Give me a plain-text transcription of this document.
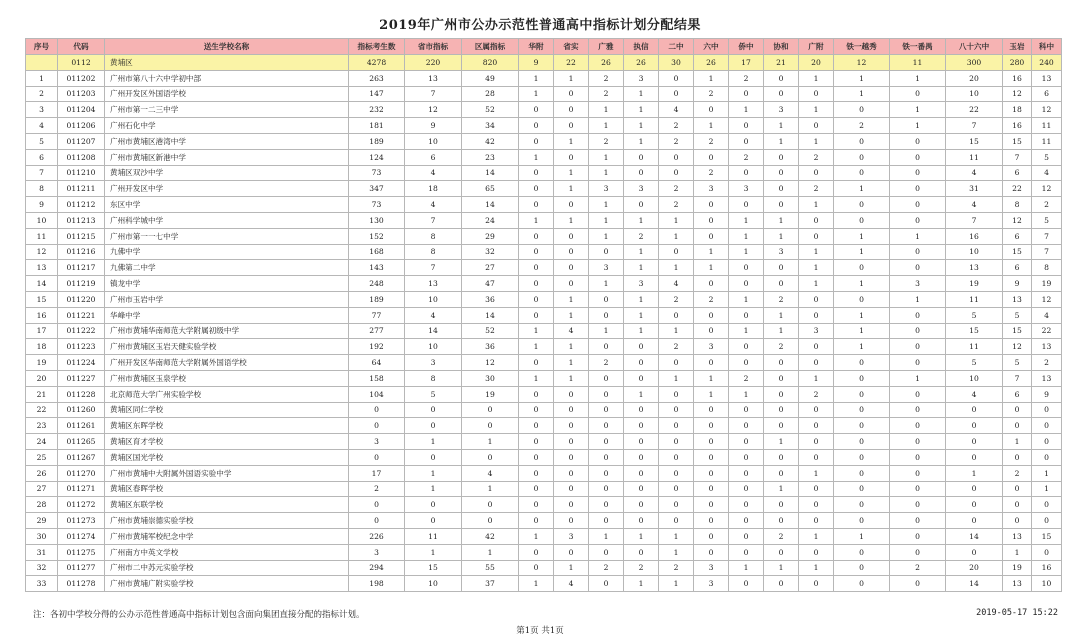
2019年广州市公办示范性普通高中指标计划分配结果
序号	代码	送生学校名称	指标考生数	省市指标	区属指标	华附	省实	广雅	执信	二中	六中	侨中	协和	广附	铁一越秀	铁一番禺	八十六中	玉岩	科中
	0112	黄埔区	4278	220	820	9	22	26	26	30	26	17	21	20	12	11	300	280	240
1	011202	广州市第八十六中学初中部	263	13	49	1	1	2	3	0	1	2	0	1	1	1	20	16	13
2	011203	广州开发区外国语学校	147	7	28	1	0	2	1	0	2	0	0	0	1	0	10	12	6
3	011204	广州市第一二三中学	232	12	52	0	0	1	1	4	0	1	3	1	0	1	22	18	12
4	011206	广州石化中学	181	9	34	0	0	1	1	2	1	0	1	0	2	1	7	16	11
5	011207	广州市黄埔区港湾中学	189	10	42	0	1	2	1	2	2	0	1	1	0	0	15	15	11
6	011208	广州市黄埔区新港中学	124	6	23	1	0	1	0	0	0	2	0	2	0	0	11	7	5
7	011210	黄埔区双沙中学	73	4	14	0	1	1	0	0	2	0	0	0	0	0	4	6	4
8	011211	广州开发区中学	347	18	65	0	1	3	3	2	3	3	0	2	1	0	31	22	12
9	011212	东区中学	73	4	14	0	0	1	0	2	0	0	0	1	0	0	4	8	2
10	011213	广州科学城中学	130	7	24	1	1	1	1	1	0	1	1	0	0	0	7	12	5
11	011215	广州市第一一七中学	152	8	29	0	0	1	2	1	0	1	1	0	1	1	16	6	7
12	011216	九佛中学	168	8	32	0	0	0	1	0	1	1	3	1	1	0	10	15	7
13	011217	九佛第二中学	143	7	27	0	0	3	1	1	1	0	0	1	0	0	13	6	8
14	011219	镇龙中学	248	13	47	0	0	1	3	4	0	0	0	1	1	3	19	9	19
15	011220	广州市玉岩中学	189	10	36	0	1	0	1	2	2	1	2	0	0	1	11	13	12
16	011221	华峰中学	77	4	14	0	1	0	1	0	0	0	1	0	1	0	5	5	4
17	011222	广州市黄埔华南师范大学附属初级中学	277	14	52	1	4	1	1	1	0	1	1	3	1	0	15	15	22
18	011223	广州市黄埔区玉岩天健实验学校	192	10	36	1	1	0	0	2	3	0	2	0	1	0	11	12	13
19	011224	广州开发区华南师范大学附属外国语学校	64	3	12	0	1	2	0	0	0	0	0	0	0	0	5	5	2
20	011227	广州市黄埔区玉泉学校	158	8	30	1	1	0	0	1	1	2	0	1	0	1	10	7	13
21	011228	北京师范大学广州实验学校	104	5	19	0	0	0	1	0	1	1	0	2	0	0	4	6	9
22	011260	黄埔区同仁学校	0	0	0	0	0	0	0	0	0	0	0	0	0	0	0	0	0
23	011261	黄埔区东晖学校	0	0	0	0	0	0	0	0	0	0	0	0	0	0	0	0	0
24	011265	黄埔区育才学校	3	1	1	0	0	0	0	0	0	0	1	0	0	0	0	1	0
25	011267	黄埔区国光学校	0	0	0	0	0	0	0	0	0	0	0	0	0	0	0	0	0
26	011270	广州市黄埔中大附属外国语实验中学	17	1	4	0	0	0	0	0	0	0	0	1	0	0	1	2	1
27	011271	黄埔区春晖学校	2	1	1	0	0	0	0	0	0	0	1	0	0	0	0	0	1
28	011272	黄埔区东联学校	0	0	0	0	0	0	0	0	0	0	0	0	0	0	0	0	0
29	011273	广州市黄埔崇德实验学校	0	0	0	0	0	0	0	0	0	0	0	0	0	0	0	0	0
30	011274	广州市黄埔军校纪念中学	226	11	42	1	3	1	1	1	0	0	2	1	1	0	14	13	15
31	011275	广州南方中英文学校	3	1	1	0	0	0	0	1	0	0	0	0	0	0	0	1	0
32	011277	广州市二中苏元实验学校	294	15	55	0	1	2	2	2	3	1	1	1	0	2	20	19	16
33	011278	广州市黄埔广附实验学校	198	10	37	1	4	0	1	1	3	0	0	0	0	0	14	13	10
注：各初中学校分得的公办示范性普通高中指标计划包含面向集团直接分配的指标计划。	2019-05-17 15:22
第1页 共1页
